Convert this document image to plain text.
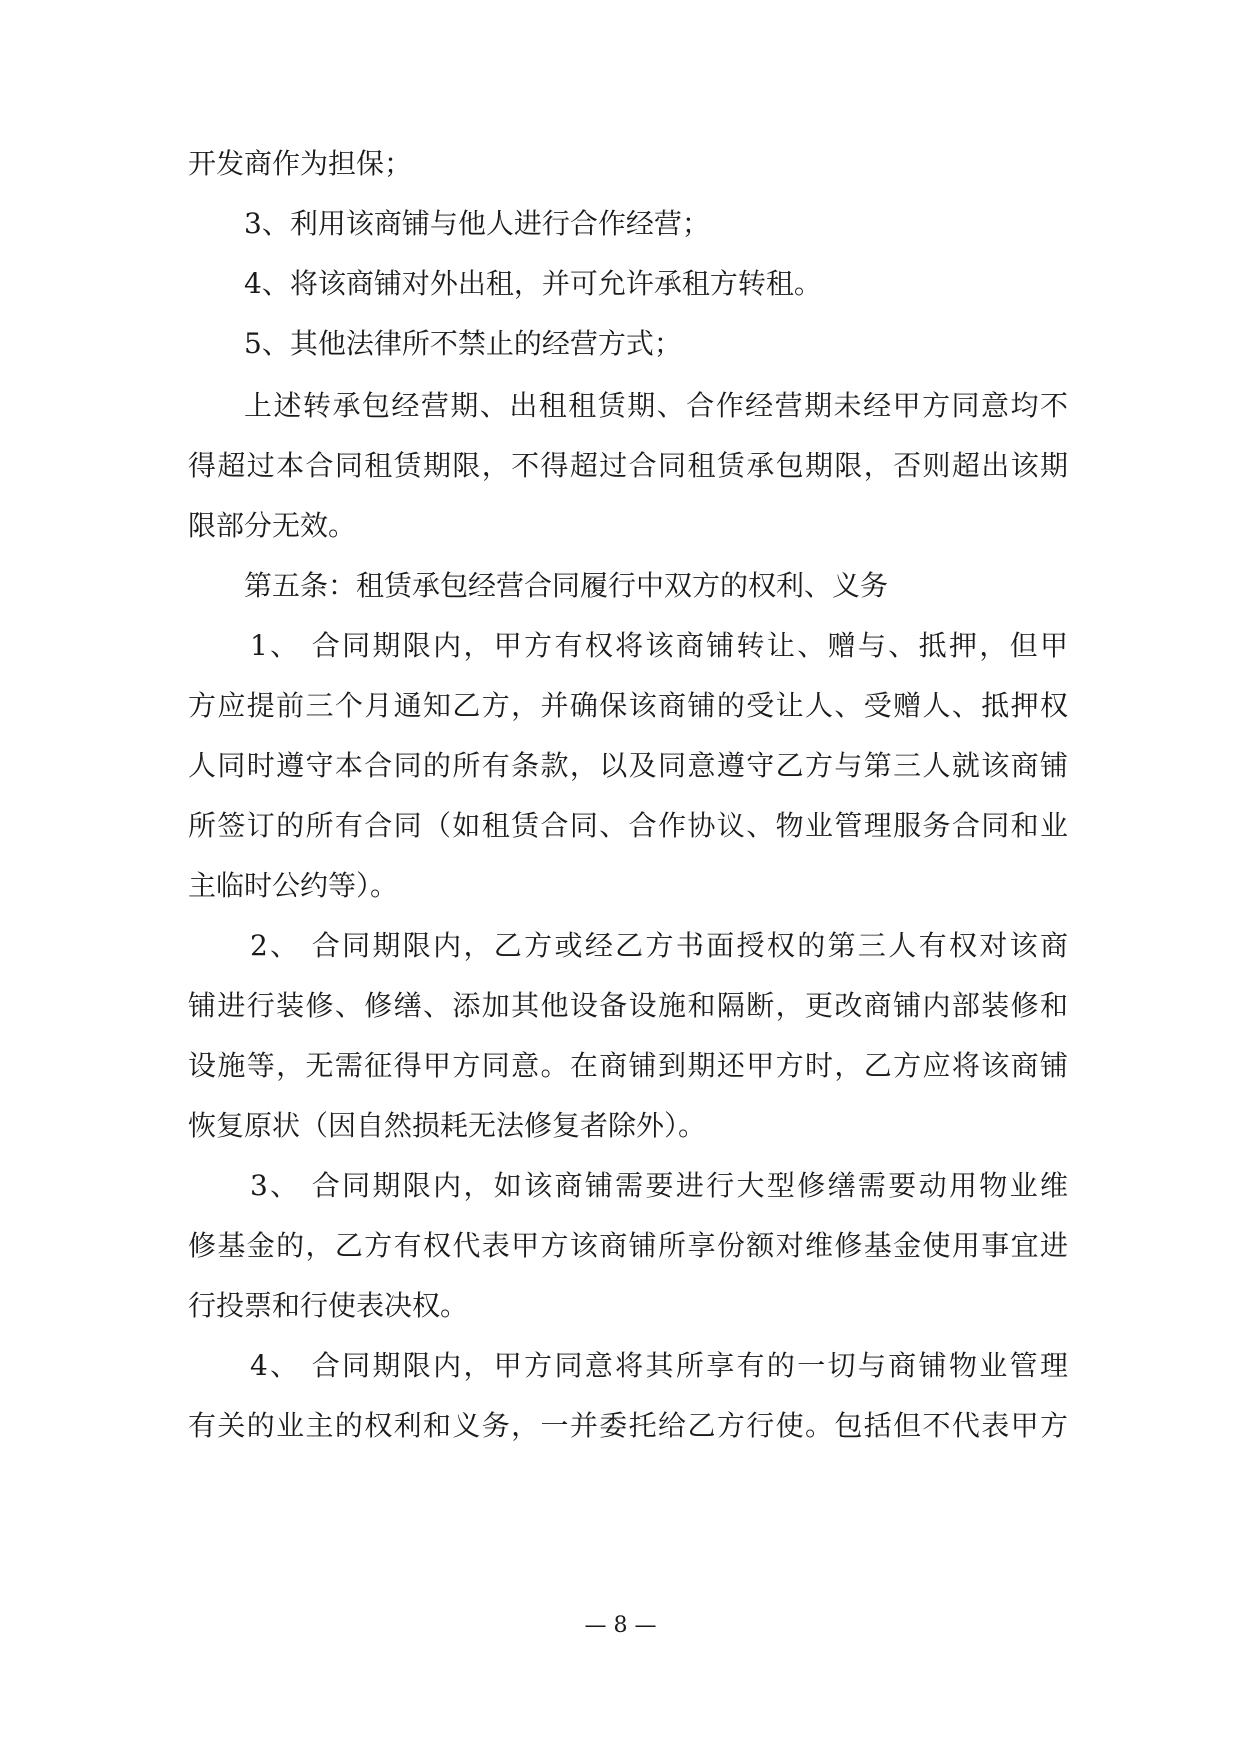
开发商作为担保；
3、利用该商铺与他人进行合作经营；
4、将该商铺对外出租，并可允许承租方转租。
5、其他法律所不禁止的经营方式；
上述转承包经营期、出租租赁期、合作经营期未经甲方同意均不
得超过本合同租赁期限，不得超过合同租赁承包期限，否则超出该期
限部分无效。
第五条：租赁承包经营合同履行中双方的权利、义务
1、 合同期限内，甲方有权将该商铺转让、赠与、抵押，但甲
方应提前三个月通知乙方，并确保该商铺的受让人、受赠人、抵押权
人同时遵守本合同的所有条款，以及同意遵守乙方与第三人就该商铺
所签订的所有合同（如租赁合同、合作协议、物业管理服务合同和业
主临时公约等）。
2、 合同期限内，乙方或经乙方书面授权的第三人有权对该商
铺进行装修、修缮、添加其他设备设施和隔断，更改商铺内部装修和
设施等，无需征得甲方同意。在商铺到期还甲方时，乙方应将该商铺
恢复原状（因自然损耗无法修复者除外）。
3、 合同期限内，如该商铺需要进行大型修缮需要动用物业维
修基金的，乙方有权代表甲方该商铺所享份额对维修基金使用事宜进
行投票和行使表决权。
4、 合同期限内，甲方同意将其所享有的一切与商铺物业管理
有关的业主的权利和义务，一并委托给乙方行使。包括但不代表甲方
— 8 —
